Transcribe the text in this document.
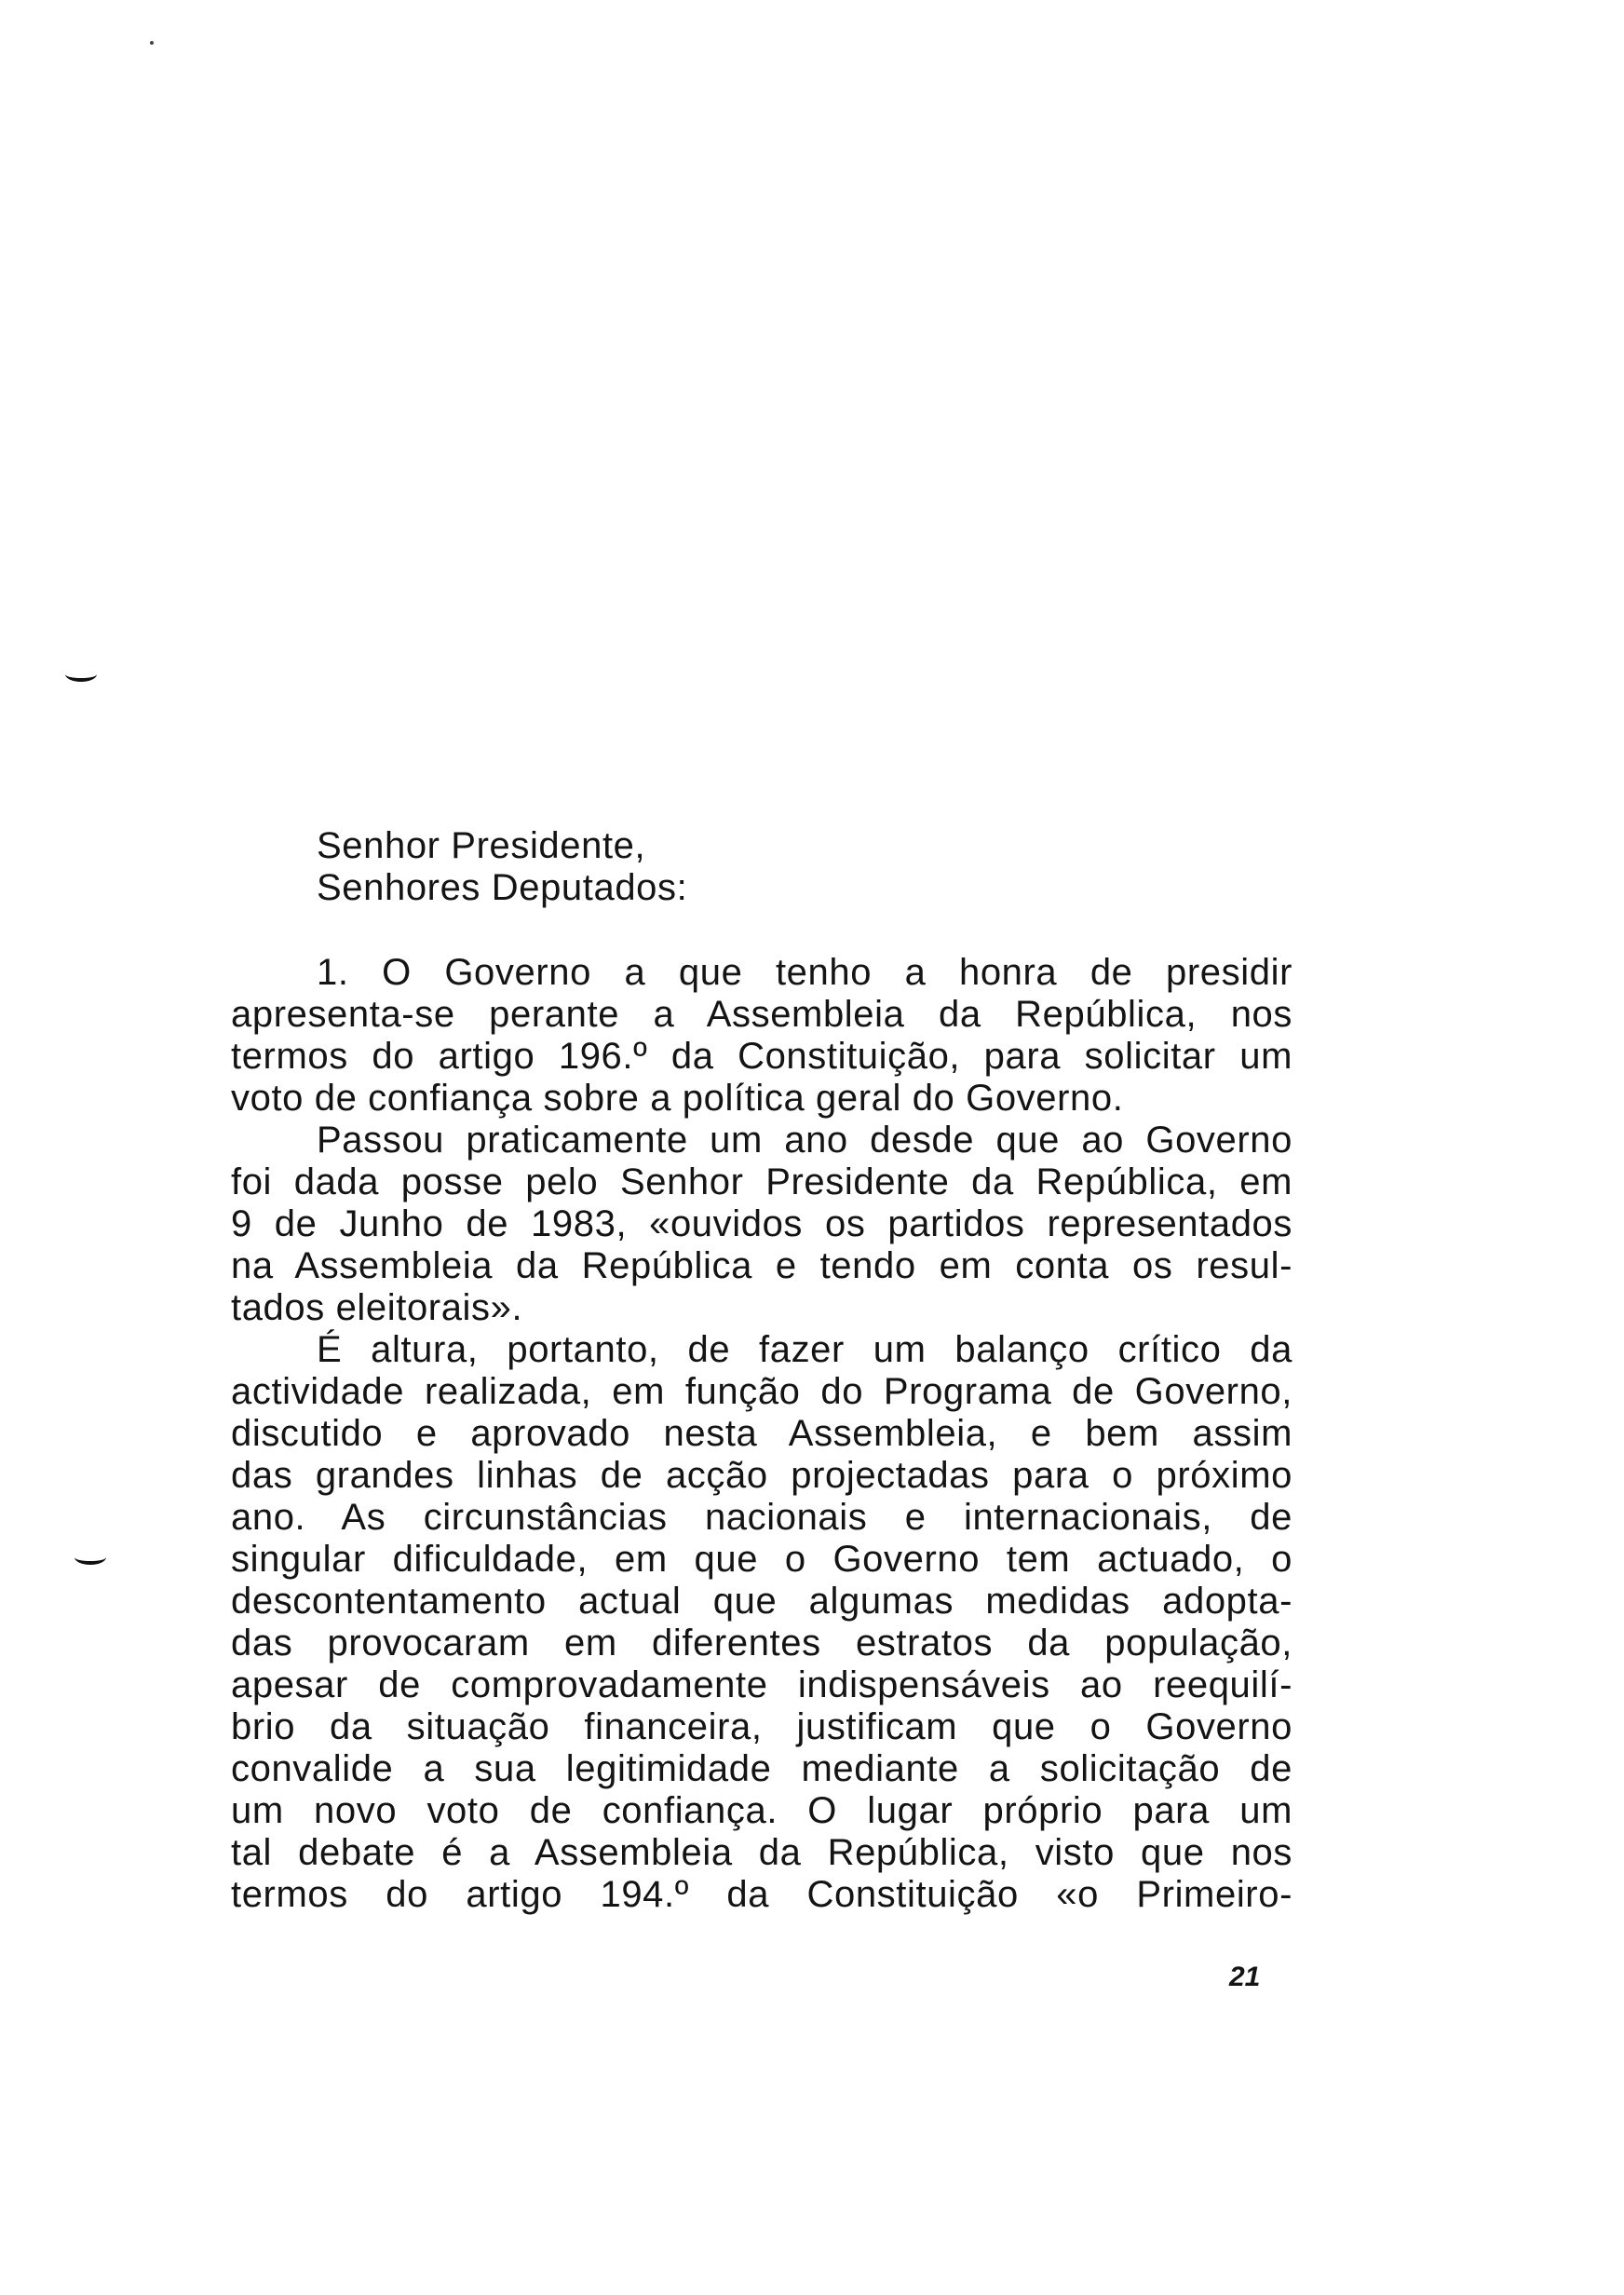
Senhor Presidente,
Senhores Deputados:
1. O Governo a que tenho a honra de presidir
apresenta-se perante a Assembleia da República, nos
termos do artigo 196.º da Constituição, para solicitar um
voto de confiança sobre a política geral do Governo.
Passou praticamente um ano desde que ao Governo
foi dada posse pelo Senhor Presidente da República, em
9 de Junho de 1983, «ouvidos os partidos representados
na Assembleia da República e tendo em conta os resul-
tados eleitorais».
É altura, portanto, de fazer um balanço crítico da
actividade realizada, em função do Programa de Governo,
discutido e aprovado nesta Assembleia, e bem assim
das grandes linhas de acção projectadas para o próximo
ano. As circunstâncias nacionais e internacionais, de
singular dificuldade, em que o Governo tem actuado, o
descontentamento actual que algumas medidas adopta-
das provocaram em diferentes estratos da população,
apesar de comprovadamente indispensáveis ao reequilí-
brio da situação financeira, justificam que o Governo
convalide a sua legitimidade mediante a solicitação de
um novo voto de confiança. O lugar próprio para um
tal debate é a Assembleia da República, visto que nos
termos do artigo 194.º da Constituição «o Primeiro-
21
